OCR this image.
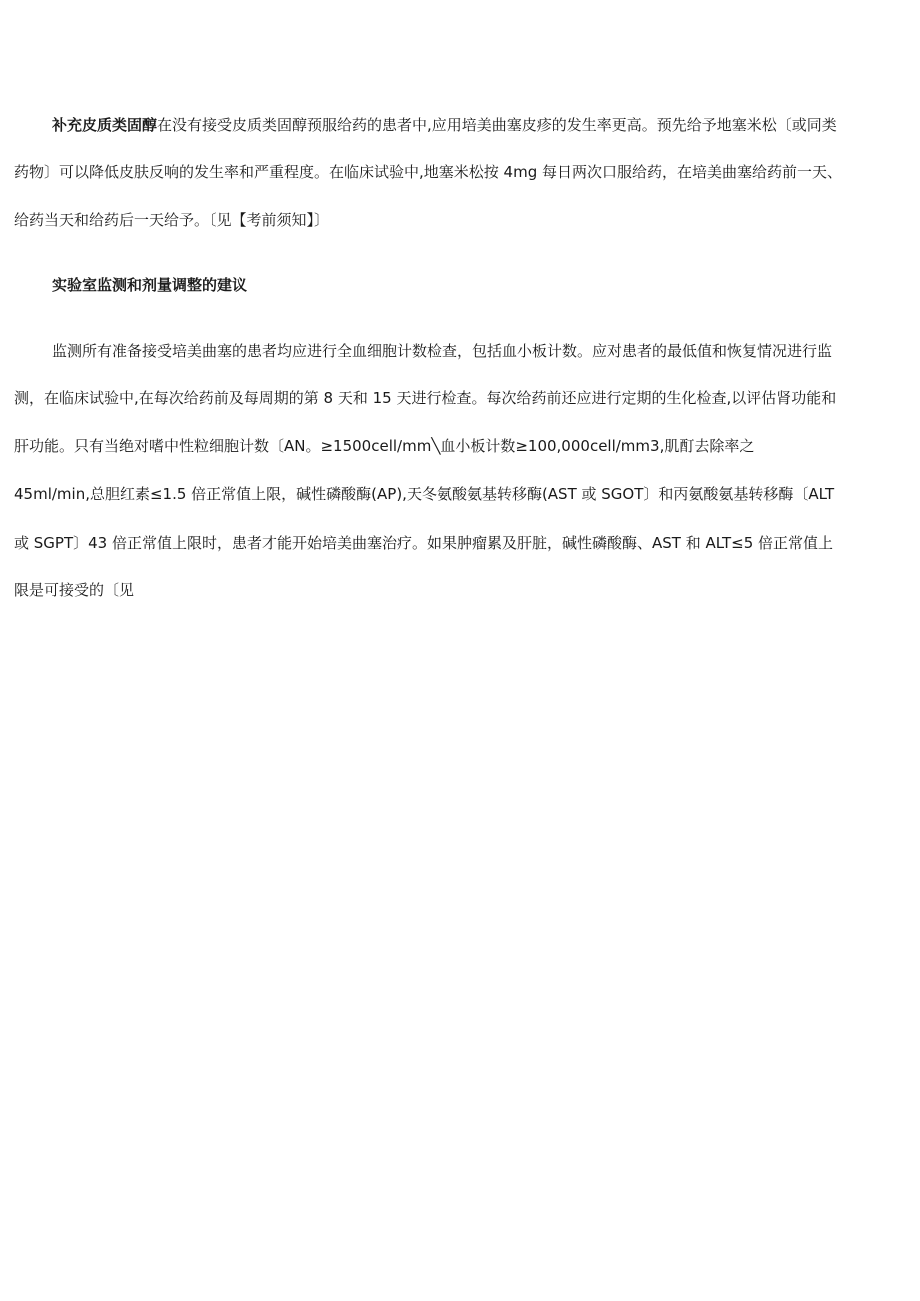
补充皮质类固醇在没有接受皮质类固醇预服给药的患者中,应用培美曲塞皮疹的发生率更高。预先给予地塞米松〔或同类
药物〕可以降低皮肤反响的发生率和严重程度。在临床试验中,地塞米松按 4mg 每日两次口服给药，在培美曲塞给药前一天、
给药当天和给药后一天给予。〔见【考前须知】〕
实验室监测和剂量调整的建议
监测所有准备接受培美曲塞的患者均应进行全血细胞计数检查，包括血小板计数。应对患者的最低值和恢复情况进行监
测，在临床试验中,在每次给药前及每周期的第 8 天和 15 天进行检查。每次给药前还应进行定期的生化检查,以评估肾功能和
肝功能。只有当绝对嗜中性粒细胞计数〔AN。≥1500cell∕mm╲血小板计数≥100,000cell/mm3,肌酊去除率之
45ml∕min,总胆红素≤1.5 倍正常值上限，碱性磷酸酶(AP),天冬氨酸氨基转移酶(AST 或 SGOT〕和丙氨酸氨基转移酶〔ALT
或 SGPT〕43 倍正常值上限时，患者才能开始培美曲塞治疗。如果肿瘤累及肝脏，碱性磷酸酶、AST 和 ALT≤5 倍正常值上
限是可接受的〔见
